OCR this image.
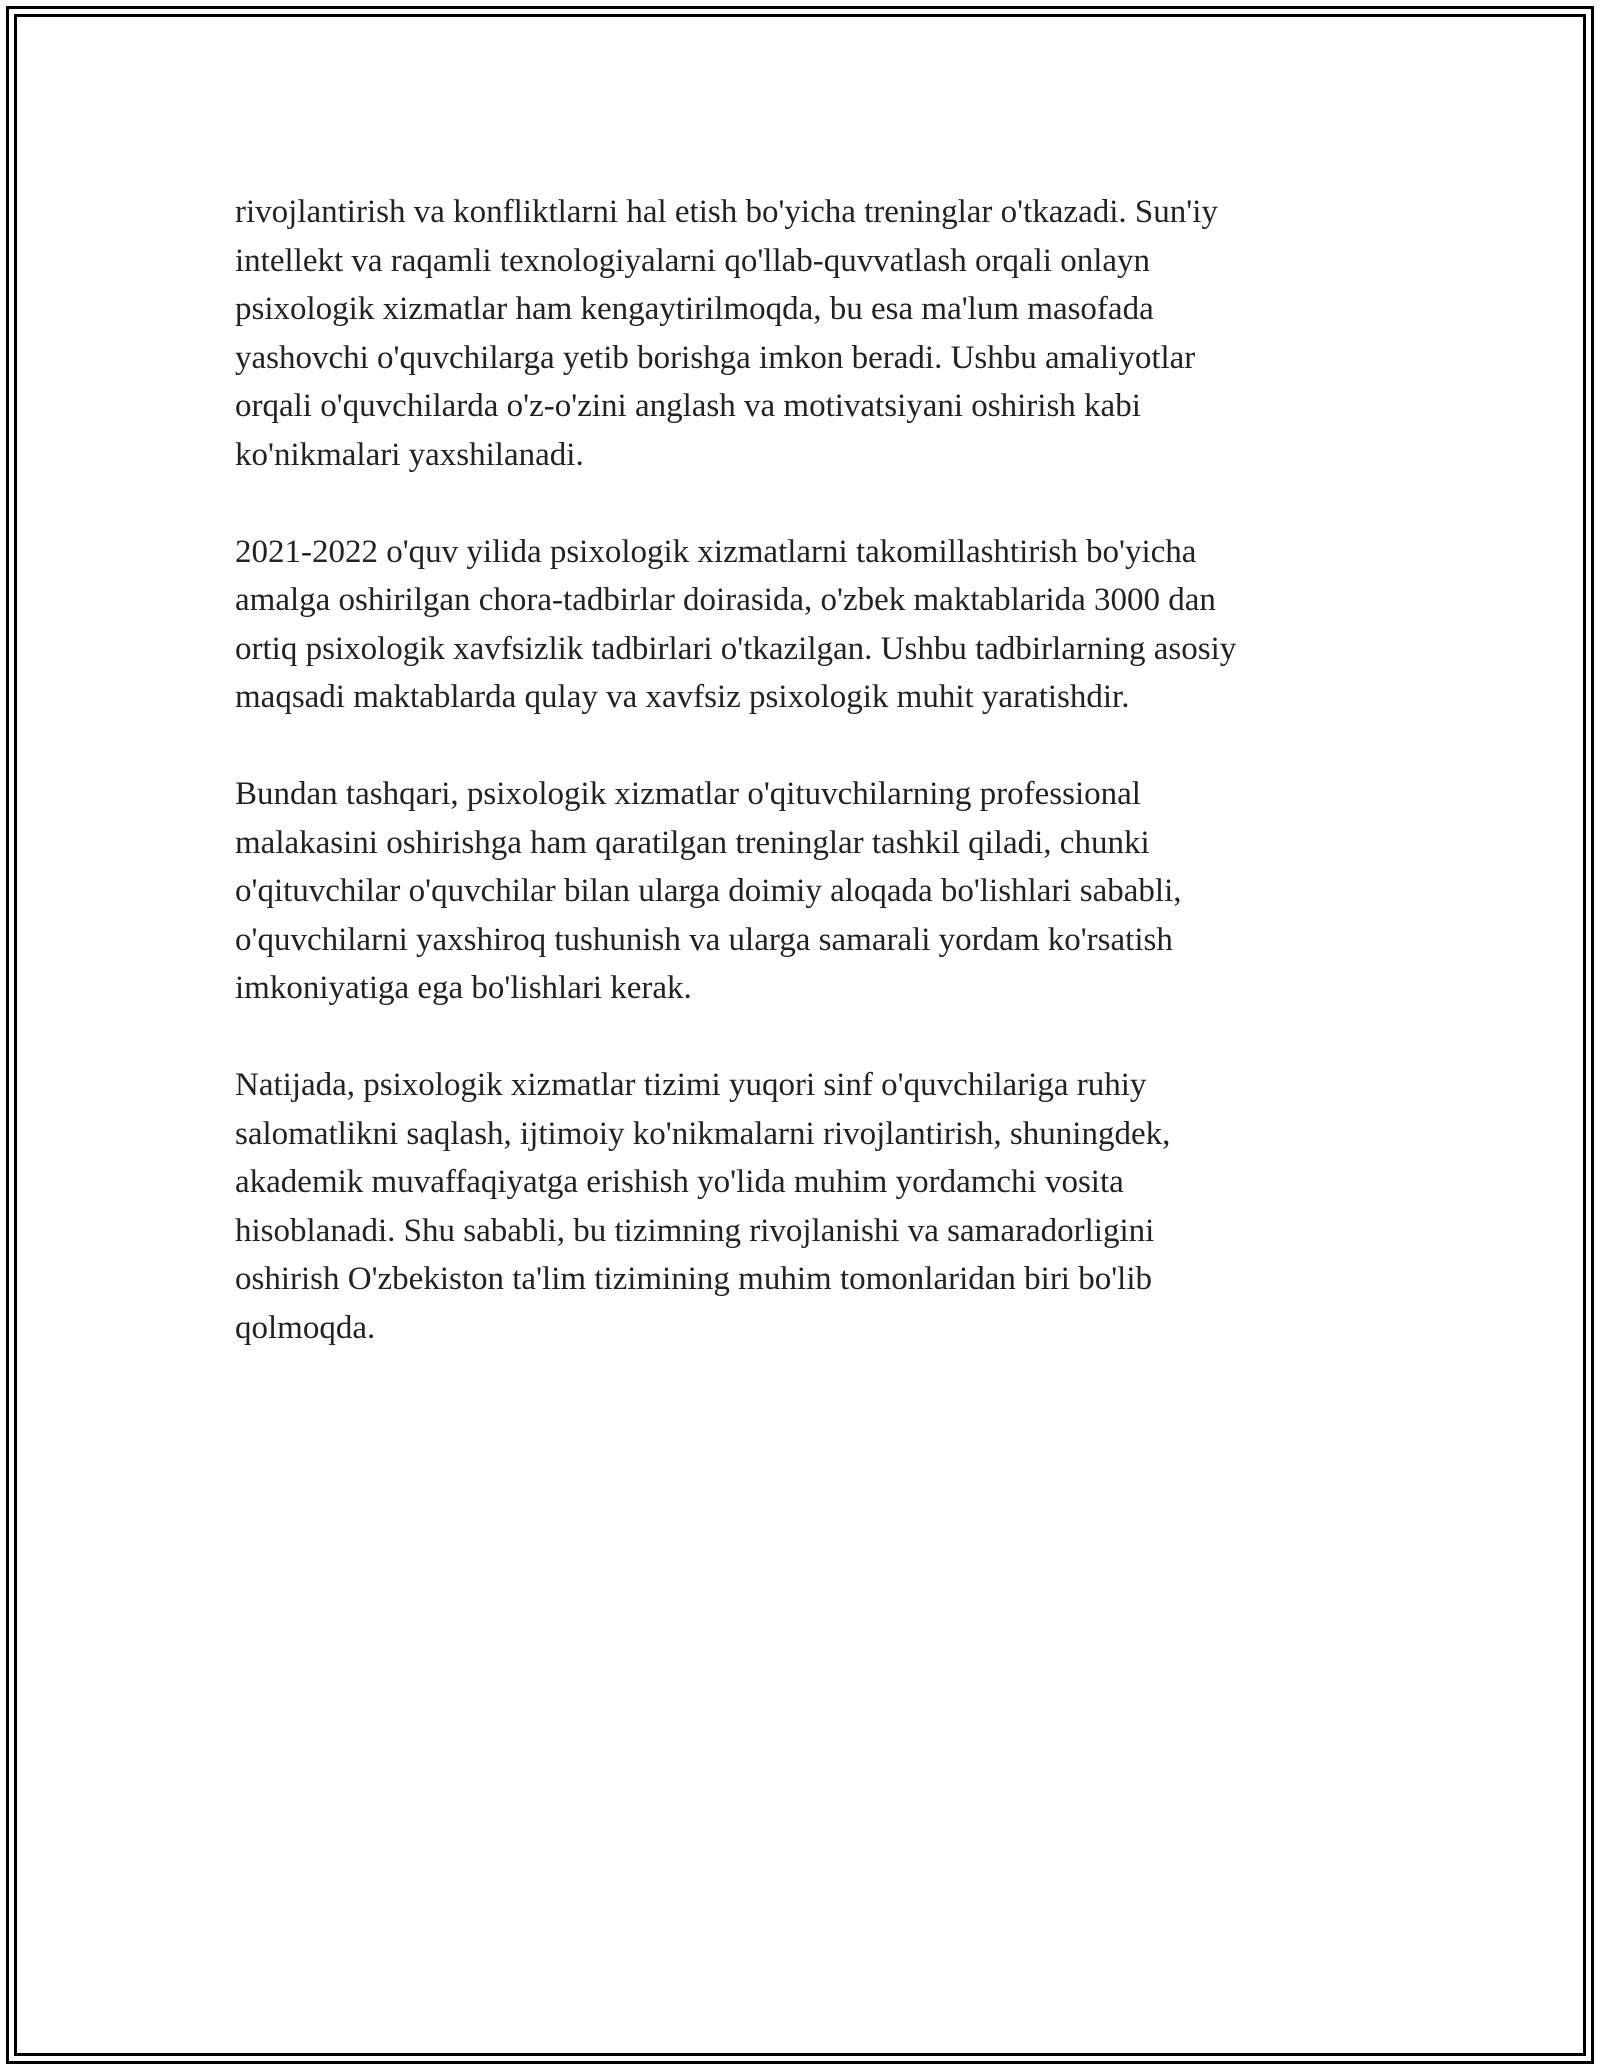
rivojlantirish va konfliktlarni hal etish bo'yicha treninglar o'tkazadi. Sun'iy
intellekt va raqamli texnologiyalarni qo'llab-quvvatlash orqali onlayn
psixologik xizmatlar ham kengaytirilmoqda, bu esa ma'lum masofada
yashovchi o'quvchilarga yetib borishga imkon beradi. Ushbu amaliyotlar
orqali o'quvchilarda o'z-o'zini anglash va motivatsiyani oshirish kabi
ko'nikmalari yaxshilanadi.

2021-2022 o'quv yilida psixologik xizmatlarni takomillashtirish bo'yicha
amalga oshirilgan chora-tadbirlar doirasida, o'zbek maktablarida 3000 dan
ortiq psixologik xavfsizlik tadbirlari o'tkazilgan. Ushbu tadbirlarning asosiy
maqsadi maktablarda qulay va xavfsiz psixologik muhit yaratishdir.

Bundan tashqari, psixologik xizmatlar o'qituvchilarning professional
malakasini oshirishga ham qaratilgan treninglar tashkil qiladi, chunki
o'qituvchilar o'quvchilar bilan ularga doimiy aloqada bo'lishlari sababli,
o'quvchilarni yaxshiroq tushunish va ularga samarali yordam ko'rsatish
imkoniyatiga ega bo'lishlari kerak.

Natijada, psixologik xizmatlar tizimi yuqori sinf o'quvchilariga ruhiy
salomatlikni saqlash, ijtimoiy ko'nikmalarni rivojlantirish, shuningdek,
akademik muvaffaqiyatga erishish yo'lida muhim yordamchi vosita
hisoblanadi. Shu sababli, bu tizimning rivojlanishi va samaradorligini
oshirish O'zbekiston ta'lim tizimining muhim tomonlaridan biri bo'lib
qolmoqda.
